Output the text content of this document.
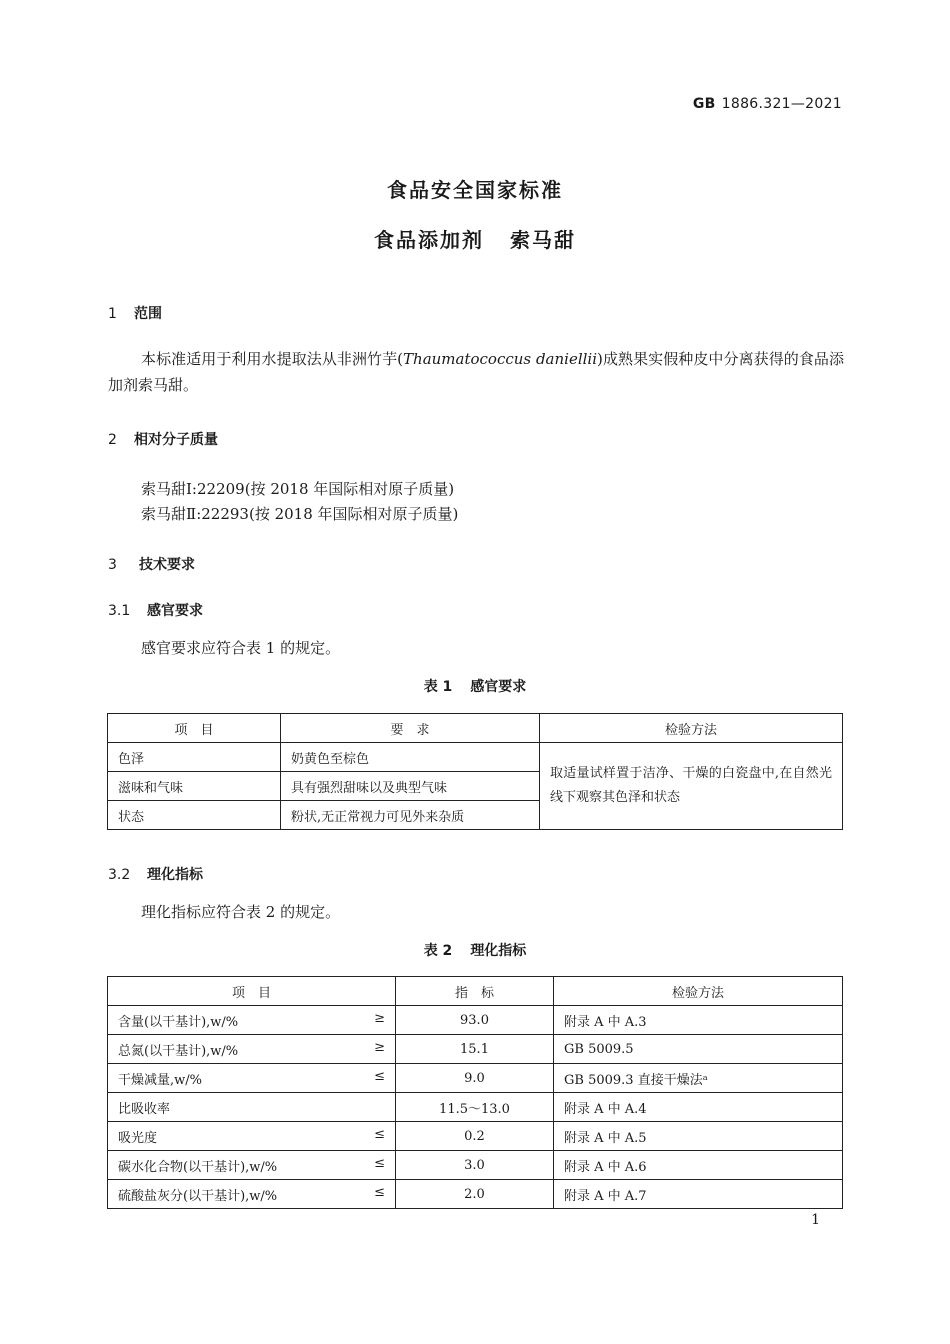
GB 1886.321—2021
食品安全国家标准
食品添加剂 索马甜
1 范围
本标准适用于利用水提取法从非洲竹芋(Thaumatococcus daniellii)成熟果实假种皮中分离获得的食品添加剂索马甜。
2 相对分子质量
索马甜Ⅰ:22209(按 2018 年国际相对原子质量)
索马甜Ⅱ:22293(按 2018 年国际相对原子质量)
3 技术要求
3.1 感官要求
感官要求应符合表 1 的规定。
表 1 感官要求
项　目	要　求	检验方法
色泽	奶黄色至棕色	取适量试样置于洁净、干燥的白瓷盘中,在自然光线下观察其色泽和状态
滋味和气味	具有强烈甜味以及典型气味	
状态	粉状,无正常视力可见外来杂质	
3.2 理化指标
理化指标应符合表 2 的规定。
表 2 理化指标
项　目	指　标	检验方法

含量(以干基计),w/% ≥	93.0	附录 A 中 A.3

总氮(以干基计),w/% ≥	15.1	GB 5009.5

干燥减量,w/% ≤	9.0	GB 5009.3 直接干燥法ᵃ

比吸收率	11.5～13.0	附录 A 中 A.4

吸光度 ≤	0.2	附录 A 中 A.5

碳水化合物(以干基计),w/% ≤	3.0	附录 A 中 A.6

硫酸盐灰分(以干基计),w/% ≤	2.0	附录 A 中 A.7
1
